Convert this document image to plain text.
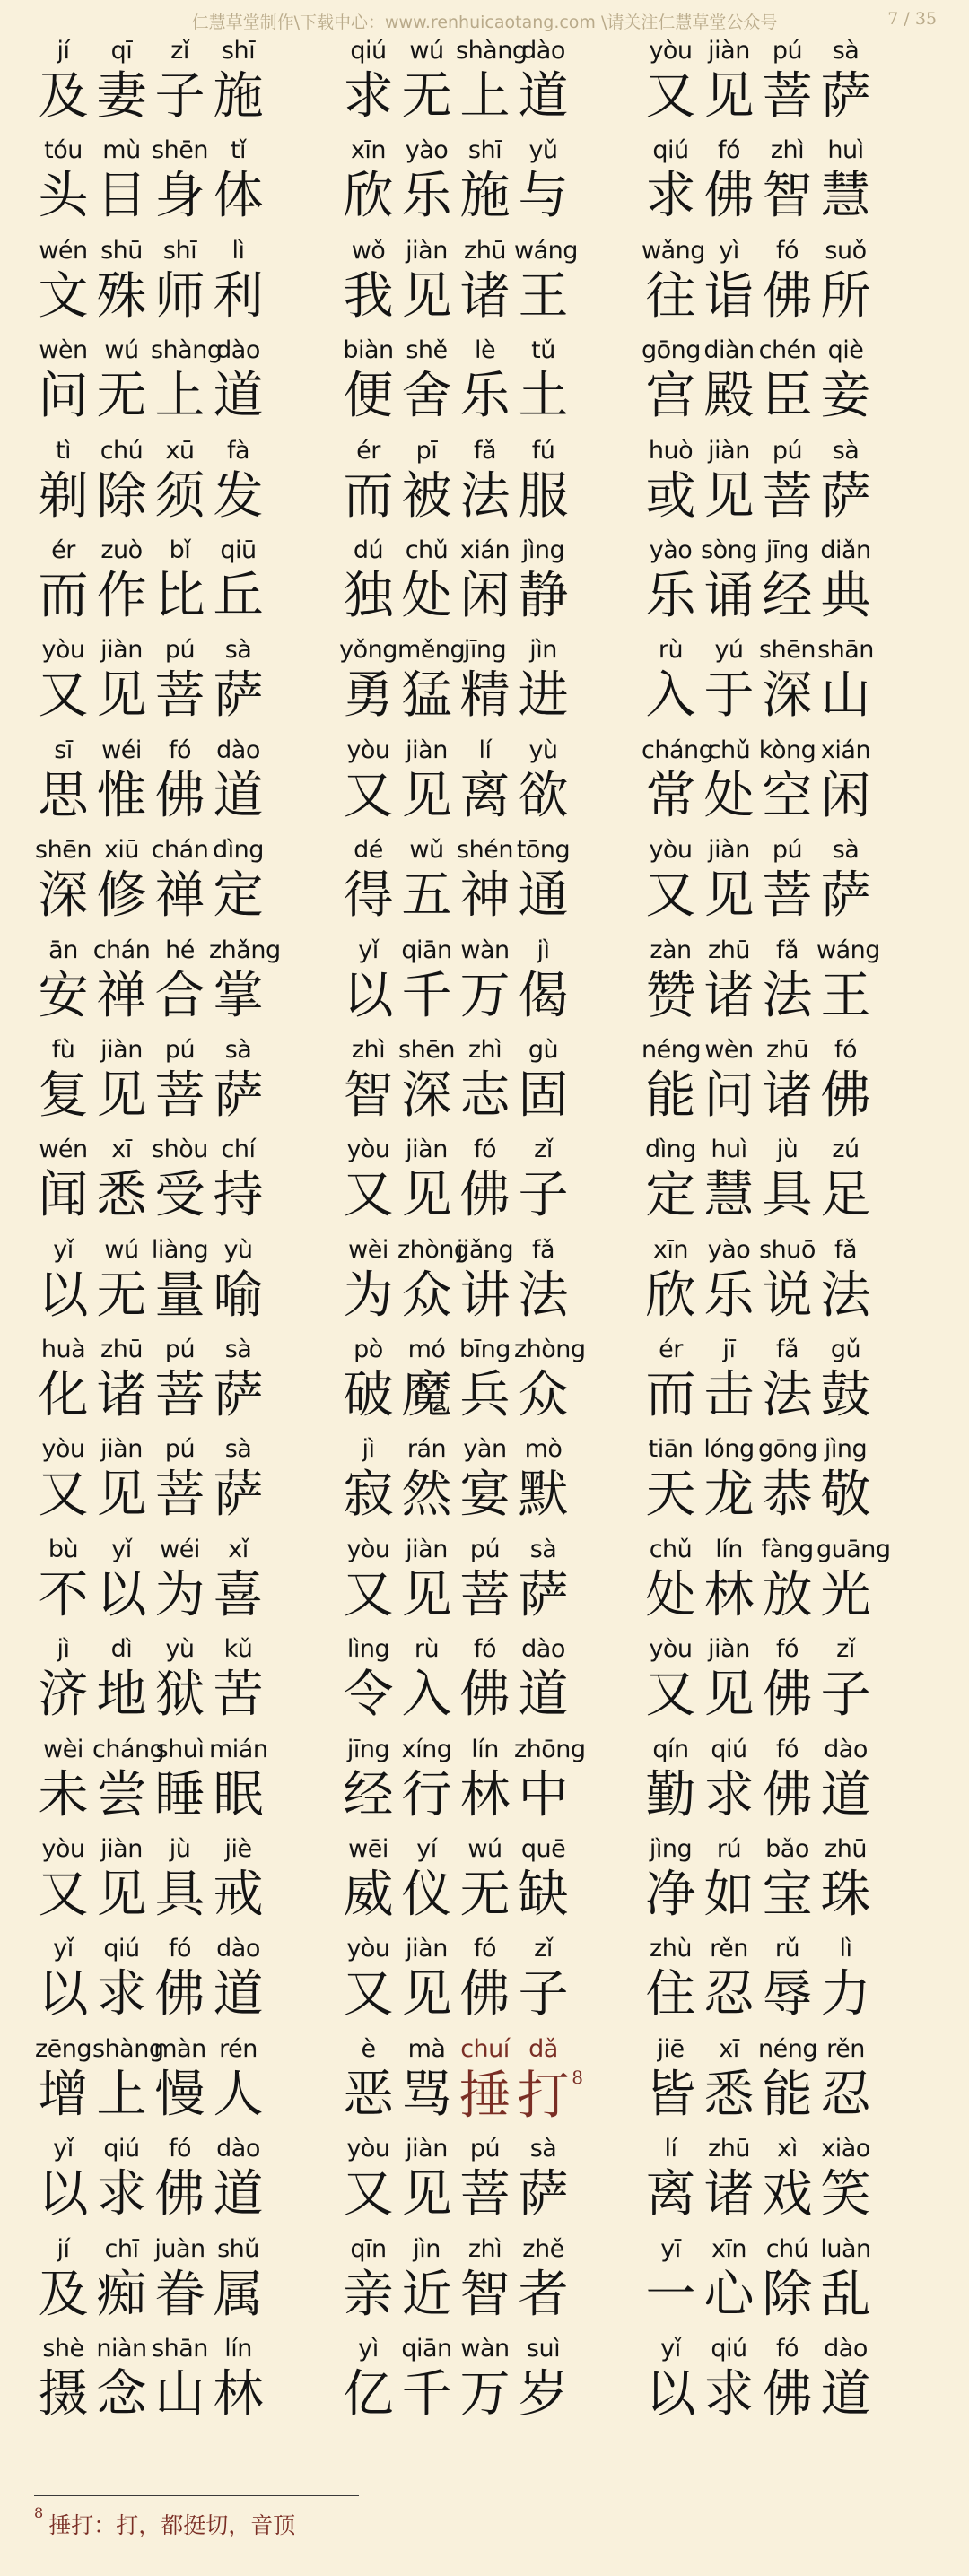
仁慧草堂制作\下载中心：www.renhuicaotang.com \请关注仁慧草堂公众号	7 / 35
jí
及
qī
妻
zǐ
子
shī
施
qiú
求
wú
无
shàng
上
dào
道
yòu
又
jiàn
见
pú
菩
sà
萨
tóu
头
mù
目
shēn
身
tǐ
体
xīn
欣
yào
乐
shī
施
yǔ
与
qiú
求
fó
佛
zhì
智
huì
慧
wén
文
shū
殊
shī
师
lì
利
wǒ
我
jiàn
见
zhū
诸
wáng
王
wǎng
往
yì
诣
fó
佛
suǒ
所
wèn
问
wú
无
shàng
上
dào
道
biàn
便
shě
舍
lè
乐
tǔ
土
gōng
宫
diàn
殿
chén
臣
qiè
妾
tì
剃
chú
除
xū
须
fà
发
ér
而
pī
被
fǎ
法
fú
服
huò
或
jiàn
见
pú
菩
sà
萨
ér
而
zuò
作
bǐ
比
qiū
丘
dú
独
chǔ
处
xián
闲
jìng
静
yào
乐
sòng
诵
jīng
经
diǎn
典
yòu
又
jiàn
见
pú
菩
sà
萨
yǒng
勇
měng
猛
jīng
精
jìn
进
rù
入
yú
于
shēn
深
shān
山
sī
思
wéi
惟
fó
佛
dào
道
yòu
又
jiàn
见
lí
离
yù
欲
cháng
常
chǔ
处
kòng
空
xián
闲
shēn
深
xiū
修
chán
禅
dìng
定
dé
得
wǔ
五
shén
神
tōng
通
yòu
又
jiàn
见
pú
菩
sà
萨
ān
安
chán
禅
hé
合
zhǎng
掌
yǐ
以
qiān
千
wàn
万
jì
偈
zàn
赞
zhū
诸
fǎ
法
wáng
王
fù
复
jiàn
见
pú
菩
sà
萨
zhì
智
shēn
深
zhì
志
gù
固
néng
能
wèn
问
zhū
诸
fó
佛
wén
闻
xī
悉
shòu
受
chí
持
yòu
又
jiàn
见
fó
佛
zǐ
子
dìng
定
huì
慧
jù
具
zú
足
yǐ
以
wú
无
liàng
量
yù
喻
wèi
为
zhòng
众
jiǎng
讲
fǎ
法
xīn
欣
yào
乐
shuō
说
fǎ
法
huà
化
zhū
诸
pú
菩
sà
萨
pò
破
mó
魔
bīng
兵
zhòng
众
ér
而
jī
击
fǎ
法
gǔ
鼓
yòu
又
jiàn
见
pú
菩
sà
萨
jì
寂
rán
然
yàn
宴
mò
默
tiān
天
lóng
龙
gōng
恭
jìng
敬
bù
不
yǐ
以
wéi
为
xǐ
喜
yòu
又
jiàn
见
pú
菩
sà
萨
chǔ
处
lín
林
fàng
放
guāng
光
jì
济
dì
地
yù
狱
kǔ
苦
lìng
令
rù
入
fó
佛
dào
道
yòu
又
jiàn
见
fó
佛
zǐ
子
wèi
未
cháng
尝
shuì
睡
mián
眠
jīng
经
xíng
行
lín
林
zhōng
中
qín
勤
qiú
求
fó
佛
dào
道
yòu
又
jiàn
见
jù
具
jiè
戒
wēi
威
yí
仪
wú
无
quē
缺
jìng
净
rú
如
bǎo
宝
zhū
珠
yǐ
以
qiú
求
fó
佛
dào
道
yòu
又
jiàn
见
fó
佛
zǐ
子
zhù
住
rěn
忍
rǔ
辱
lì
力
zēng
增
shàng
上
màn
慢
rén
人
è
恶
mà
骂
chuí
捶
dǎ
打 8
jiē
皆
xī
悉
néng
能
rěn
忍
yǐ
以
qiú
求
fó
佛
dào
道
yòu
又
jiàn
见
pú
菩
sà
萨
lí
离
zhū
诸
xì
戏
xiào
笑
jí
及
chī
痴
juàn
眷
shǔ
属
qīn
亲
jìn
近
zhì
智
zhě
者
yī
一
xīn
心
chú
除
luàn
乱
shè
摄
niàn
念
shān
山
lín
林
yì
亿
qiān
千
wàn
万
suì
岁
yǐ
以
qiú
求
fó
佛
dào
道
$^8$ 捶打：打，都挺切，音顶
